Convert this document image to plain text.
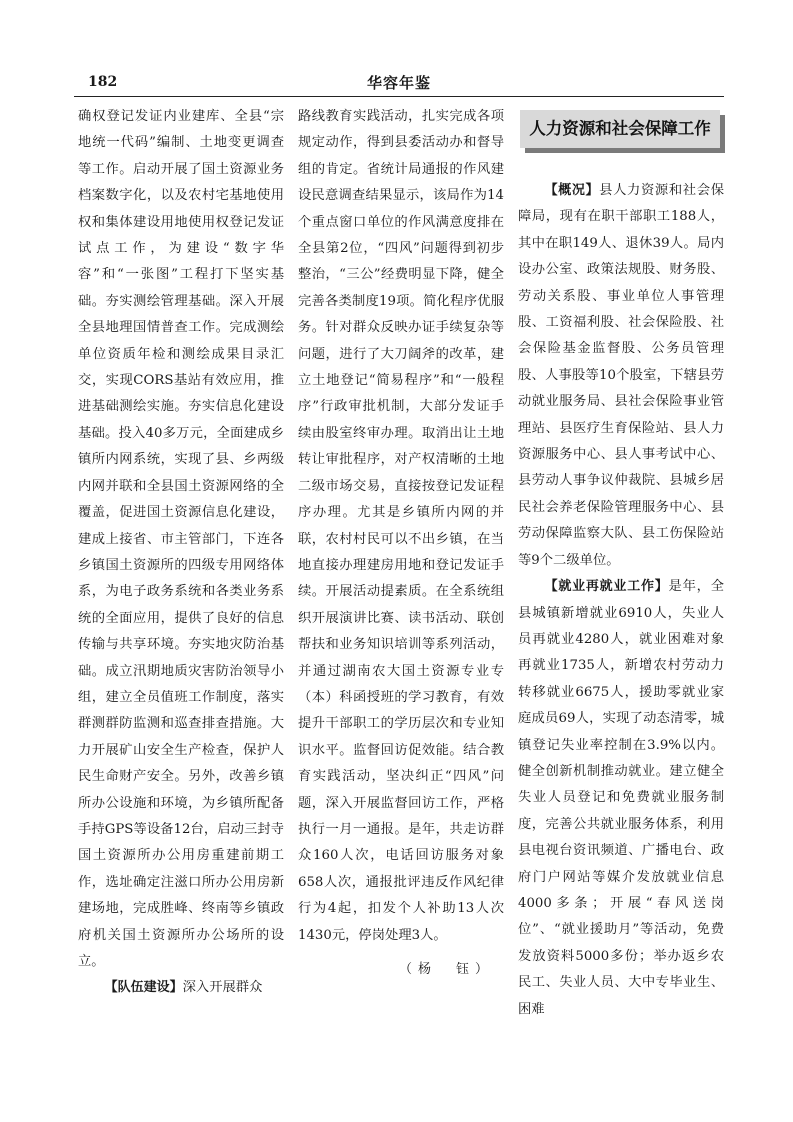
182	华容年鉴

确权登记发证内业建库、全县“宗地统一代码”编制、土地变更调查等工作。启动开展了国土资源业务档案数字化，以及农村宅基地使用权和集体建设用地使用权登记发证试点工作，为建设“数字华容”和“一张图”工程打下坚实基础。夯实测绘管理基础。深入开展全县地理国情普查工作。完成测绘单位资质年检和测绘成果目录汇交，实现CORS基站有效应用，推进基础测绘实施。夯实信息化建设基础。投入40多万元，全面建成乡镇所内网系统，实现了县、乡两级内网并联和全县国土资源网络的全覆盖，促进国土资源信息化建设，建成上接省、市主管部门，下连各乡镇国土资源所的四级专用网络体系，为电子政务系统和各类业务系统的全面应用，提供了良好的信息传输与共享环境。夯实地灾防治基础。成立汛期地质灾害防治领导小组，建立全员值班工作制度，落实群测群防监测和巡查排查措施。大力开展矿山安全生产检查，保护人民生命财产安全。另外，改善乡镇所办公设施和环境，为乡镇所配备手持GPS等设备12台，启动三封寺国土资源所办公用房重建前期工作，选址确定注滋口所办公用房新建场地，完成胜峰、终南等乡镇政府机关国土资源所办公场所的设立。

【队伍建设】深入开展群众

路线教育实践活动，扎实完成各项规定动作，得到县委活动办和督导组的肯定。省统计局通报的作风建设民意调查结果显示，该局作为14个重点窗口单位的作风满意度排在全县第2位，“四风”问题得到初步整治，“三公”经费明显下降，健全完善各类制度19项。简化程序优服务。针对群众反映办证手续复杂等问题，进行了大刀阔斧的改革，建立土地登记“简易程序”和“一般程序”行政审批机制，大部分发证手续由股室终审办理。取消出让土地转让审批程序，对产权清晰的土地二级市场交易，直接按登记发证程序办理。尤其是乡镇所内网的并联，农村村民可以不出乡镇，在当地直接办理建房用地和登记发证手续。开展活动提素质。在全系统组织开展演讲比赛、读书活动、联创帮扶和业务知识培训等系列活动，并通过湖南农大国土资源专业专（本）科函授班的学习教育，有效提升干部职工的学历层次和专业知识水平。监督回访促效能。结合教育实践活动，坚决纠正“四风”问题，深入开展监督回访工作，严格执行一月一通报。是年，共走访群众160人次，电话回访服务对象658人次，通报批评违反作风纪律行为4起，扣发个人补助13人次1430元，停岗处理3人。

（杨　钰）
人力资源和社会保障工作

【概况】县人力资源和社会保障局，现有在职干部职工188人，其中在职149人、退休39人。局内设办公室、政策法规股、财务股、劳动关系股、事业单位人事管理股、工资福利股、社会保险股、社会保险基金监督股、公务员管理股、人事股等10个股室，下辖县劳动就业服务局、县社会保险事业管理站、县医疗生育保险站、县人力资源服务中心、县人事考试中心、县劳动人事争议仲裁院、县城乡居民社会养老保险管理服务中心、县劳动保障监察大队、县工伤保险站等9个二级单位。

【就业再就业工作】是年，全县城镇新增就业6910人，失业人员再就业4280人，就业困难对象再就业1735人，新增农村劳动力转移就业6675人，援助零就业家庭成员69人，实现了动态清零，城镇登记失业率控制在3.9%以内。健全创新机制推动就业。建立健全失业人员登记和免费就业服务制度，完善公共就业服务体系，利用县电视台资讯频道、广播电台、政府门户网站等媒介发放就业信息4000多条；开展“春风送岗位”、“就业援助月”等活动，免费发放资料5000多份；举办返乡农民工、失业人员、大中专毕业生、困难
